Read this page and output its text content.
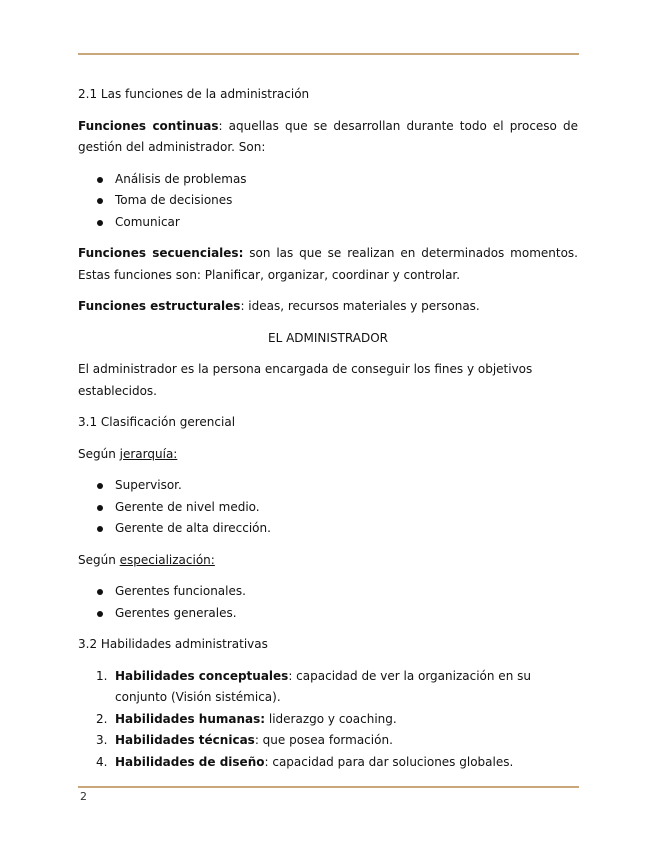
2.1 Las funciones de la administración

Funciones continuas: aquellas que se desarrollan durante todo el proceso de gestión del administrador. Son:

Análisis de problemas
Toma de decisiones
Comunicar

Funciones secuenciales: son las que se realizan en determinados momentos. Estas funciones son: Planificar, organizar, coordinar y controlar.

Funciones estructurales: ideas, recursos materiales y personas.

EL ADMINISTRADOR

El administrador es la persona encargada de conseguir los fines y objetivos establecidos.

3.1 Clasificación gerencial

Según jerarquía:

Supervisor.
Gerente de nivel medio.
Gerente de alta dirección.

Según especialización:

Gerentes funcionales.
Gerentes generales.

3.2 Habilidades administrativas

1. Habilidades conceptuales: capacidad de ver la organización en su conjunto (Visión sistémica).
2. Habilidades humanas: liderazgo y coaching.
3. Habilidades técnicas: que posea formación.
4. Habilidades de diseño: capacidad para dar soluciones globales.
2
